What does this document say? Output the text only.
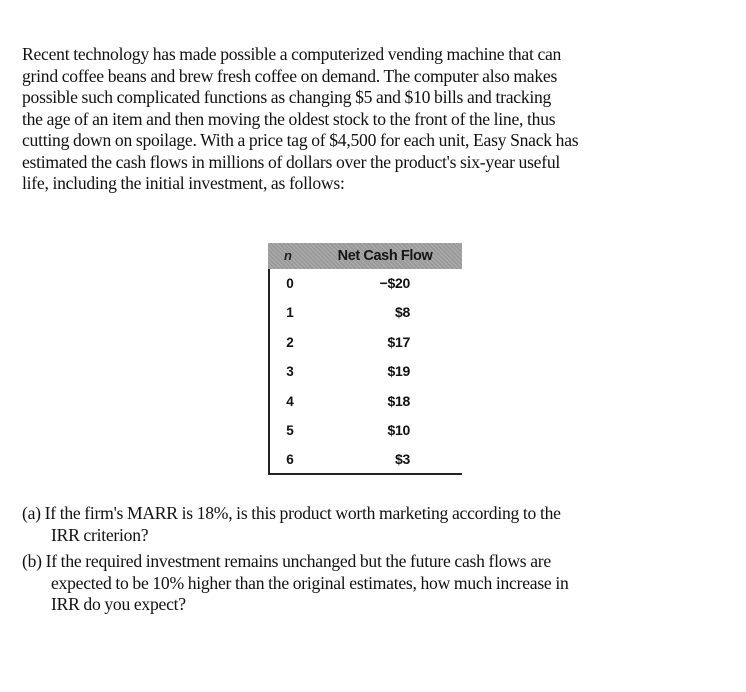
Recent technology has made possible a computerized vending machine that can
grind coffee beans and brew fresh coffee on demand. The computer also makes
possible such complicated functions as changing $5 and $10 bills and tracking
the age of an item and then moving the oldest stock to the front of the line, thus
cutting down on spoilage. With a price tag of $4,500 for each unit, Easy Snack has
estimated the cash flows in millions of dollars over the product's six-year useful
life, including the initial investment, as follows:

n	Net Cash Flow
0	−$20
1	$8
2	$17
3	$19
4	$18
5	$10
6	$3
(a) If the firm's MARR is 18%, is this product worth marketing according to the
IRR criterion?
(b) If the required investment remains unchanged but the future cash flows are
expected to be 10% higher than the original estimates, how much increase in
IRR do you expect?
